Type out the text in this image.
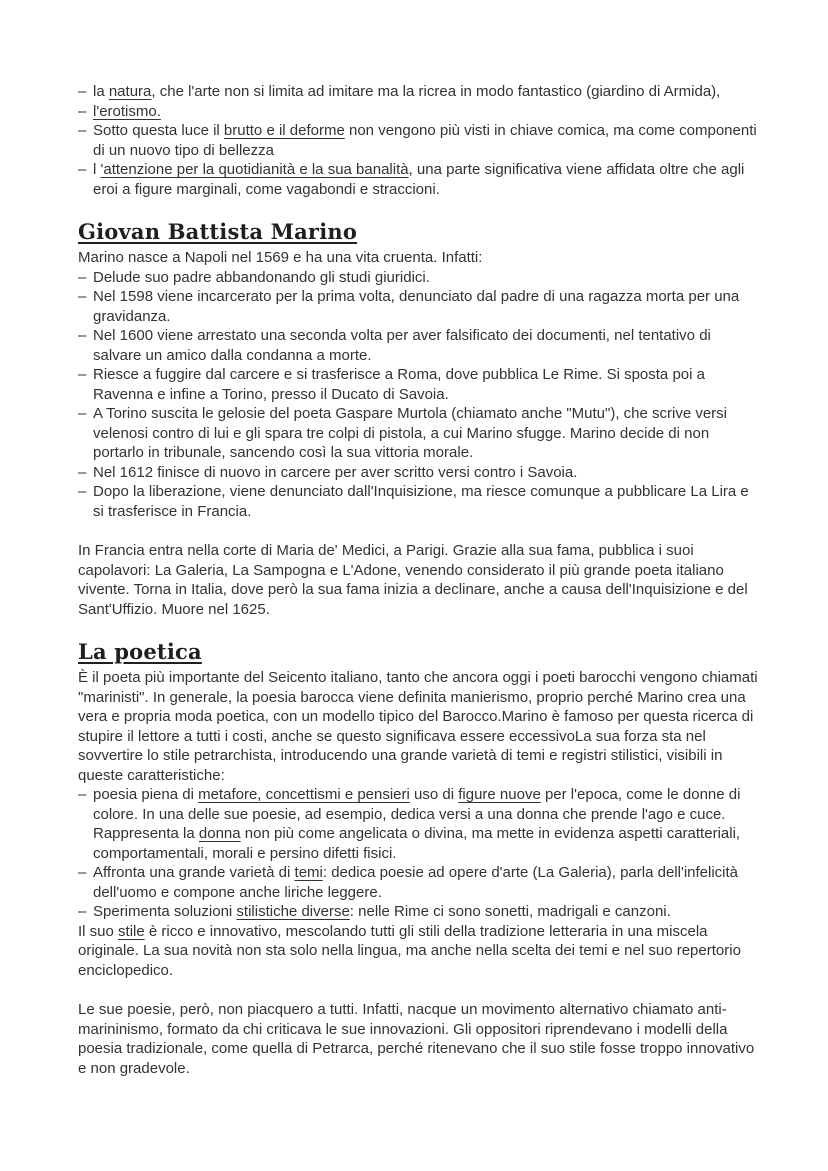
– la natura, che l'arte non si limita ad imitare ma la ricrea in modo fantastico (giardino di Armida),
– l'erotismo.
– Sotto questa luce il brutto e il deforme non vengono più visti in chiave comica, ma come componenti di un nuovo tipo di bellezza
– l 'attenzione per la quotidianità e la sua banalità, una parte significativa viene affidata oltre che agli eroi a figure marginali, come vagabondi e straccioni.
Giovan Battista Marino

Marino nasce a Napoli nel 1569 e ha una vita cruenta. Infatti:

– Delude suo padre abbandonando gli studi giuridici.
– Nel 1598 viene incarcerato per la prima volta, denunciato dal padre di una ragazza morta per una gravidanza.
– Nel 1600 viene arrestato una seconda volta per aver falsificato dei documenti, nel tentativo di salvare un amico dalla condanna a morte.
– Riesce a fuggire dal carcere e si trasferisce a Roma, dove pubblica Le Rime. Si sposta poi a Ravenna e infine a Torino, presso il Ducato di Savoia.
– A Torino suscita le gelosie del poeta Gaspare Murtola (chiamato anche "Mutu"), che scrive versi velenosi contro di lui e gli spara tre colpi di pistola, a cui Marino sfugge. Marino decide di non portarlo in tribunale, sancendo così la sua vittoria morale.
– Nel 1612 finisce di nuovo in carcere per aver scritto versi contro i Savoia.
– Dopo la liberazione, viene denunciato dall'Inquisizione, ma riesce comunque a pubblicare La Lira e si trasferisce in Francia.

In Francia entra nella corte di Maria de' Medici, a Parigi. Grazie alla sua fama, pubblica i suoi capolavori: La Galeria, La Sampogna e L'Adone, venendo considerato il più grande poeta italiano vivente. Torna in Italia, dove però la sua fama inizia a declinare, anche a causa dell'Inquisizione e del Sant'Uffizio. Muore nel 1625.

La poetica

È il poeta più importante del Seicento italiano, tanto che ancora oggi i poeti barocchi vengono chiamati "marinisti". In generale, la poesia barocca viene definita manierismo, proprio perché Marino crea una vera e propria moda poetica, con un modello tipico del Barocco.Marino è famoso per questa ricerca di stupire il lettore a tutti i costi, anche se questo significava essere eccessivoLa sua forza sta nel sovvertire lo stile petrarchista, introducendo una grande varietà di temi e registri stilistici, visibili in queste caratteristiche:

– poesia piena di metafore, concettismi e pensieri uso di figure nuove per l'epoca, come le donne di colore. In una delle sue poesie, ad esempio, dedica versi a una donna che prende l'ago e cuce. Rappresenta la donna non più come angelicata o divina, ma mette in evidenza aspetti caratteriali, comportamentali, morali e persino difetti fisici.
– Affronta una grande varietà di temi: dedica poesie ad opere d'arte (La Galeria), parla dell'infelicità dell'uomo e compone anche liriche leggere.
– Sperimenta soluzioni stilistiche diverse: nelle Rime ci sono sonetti, madrigali e canzoni.

Il suo stile è ricco e innovativo, mescolando tutti gli stili della tradizione letteraria in una miscela originale. La sua novità non sta solo nella lingua, ma anche nella scelta dei temi e nel suo repertorio enciclopedico.

Le sue poesie, però, non piacquero a tutti. Infatti, nacque un movimento alternativo chiamato anti-marininismo, formato da chi criticava le sue innovazioni. Gli oppositori riprendevano i modelli della poesia tradizionale, come quella di Petrarca, perché ritenevano che il suo stile fosse troppo innovativo e non gradevole.
